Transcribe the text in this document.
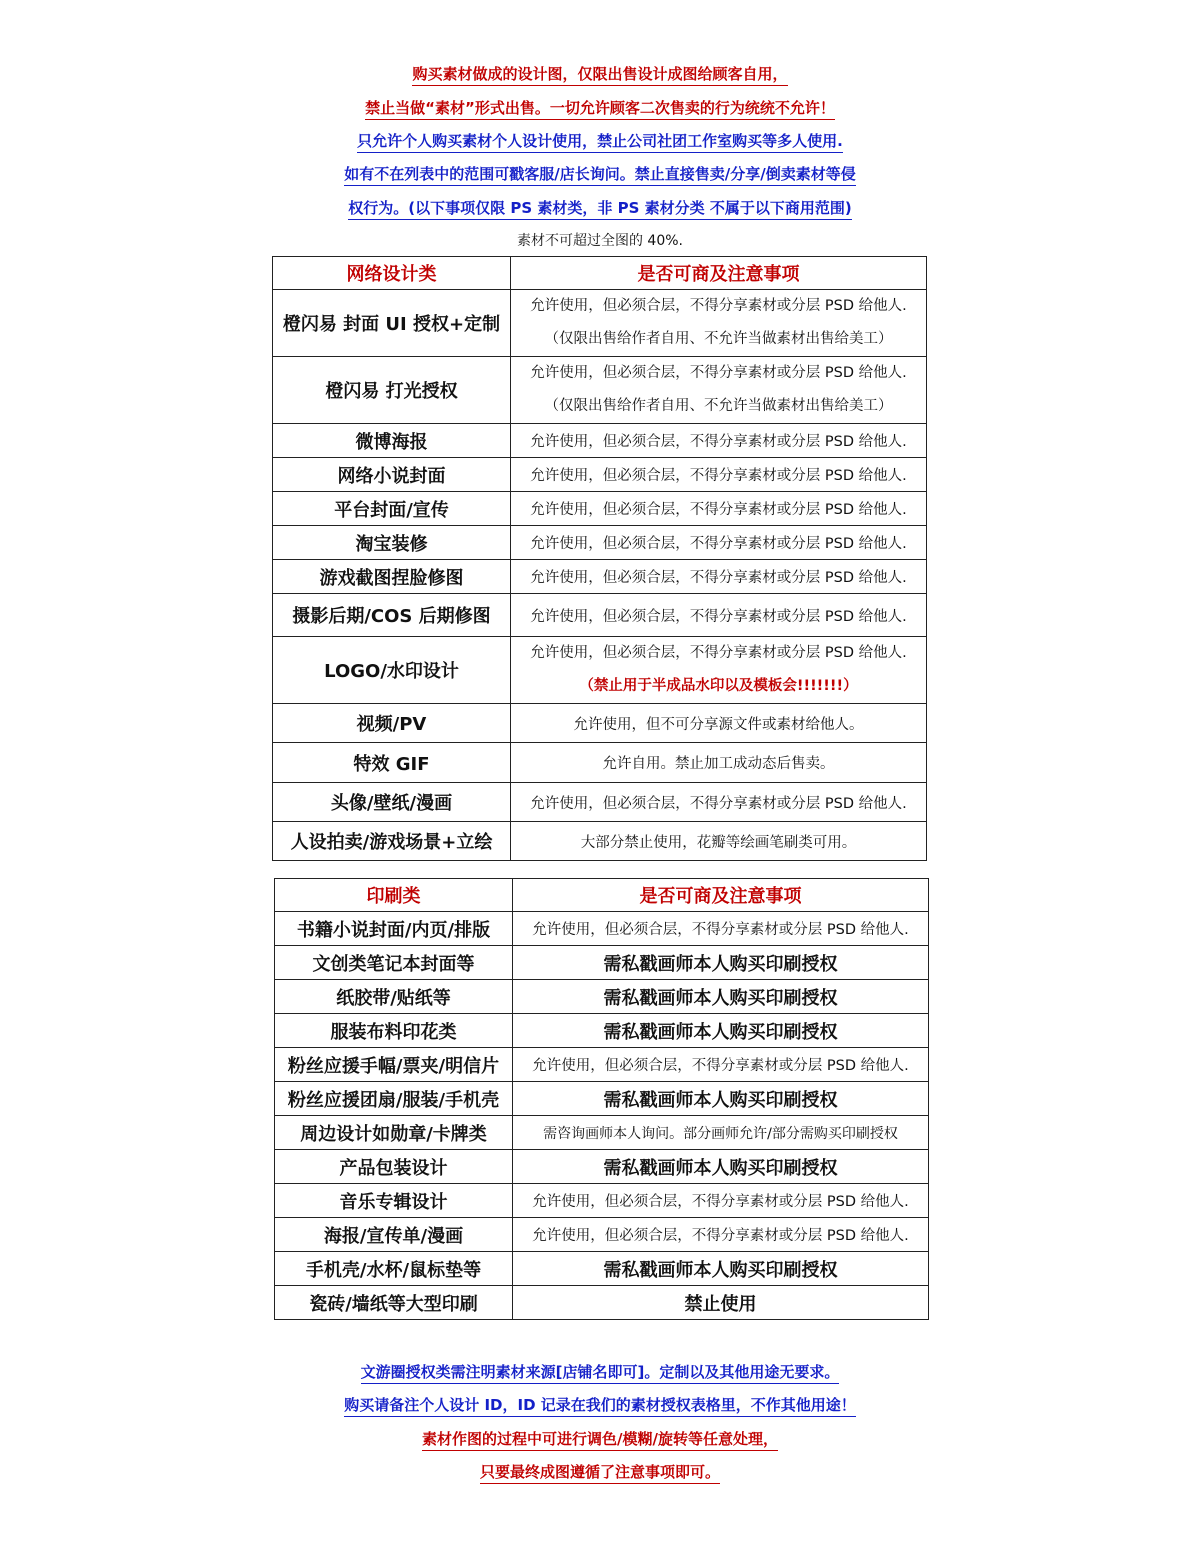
购买素材做成的设计图，仅限出售设计成图给顾客自用，
禁止当做“素材”形式出售。一切允许顾客二次售卖的行为统统不允许！
只允许个人购买素材个人设计使用，禁止公司社团工作室购买等多人使用.
如有不在列表中的范围可戳客服/店长询问。禁止直接售卖/分享/倒卖素材等侵
权行为。(以下事项仅限 PS 素材类，非 PS 素材分类 不属于以下商用范围)
素材不可超过全图的 40%.
网络设计类	是否可商及注意事项
橙闪易 封面 UI 授权+定制	允许使用，但必须合层，不得分享素材或分层 PSD 给他人.
（仅限出售给作者自用、不允许当做素材出售给美工）

橙闪易 打光授权	允许使用，但必须合层，不得分享素材或分层 PSD 给他人.
（仅限出售给作者自用、不允许当做素材出售给美工）

微博海报	允许使用，但必须合层，不得分享素材或分层 PSD 给他人.
网络小说封面	允许使用，但必须合层，不得分享素材或分层 PSD 给他人.
平台封面/宣传	允许使用，但必须合层，不得分享素材或分层 PSD 给他人.
淘宝装修	允许使用，但必须合层，不得分享素材或分层 PSD 给他人.
游戏截图捏脸修图	允许使用，但必须合层，不得分享素材或分层 PSD 给他人.
摄影后期/COS 后期修图	允许使用，但必须合层，不得分享素材或分层 PSD 给他人.
LOGO/水印设计	允许使用，但必须合层，不得分享素材或分层 PSD 给他人.
（禁止用于半成品水印以及模板会!!!!!!!）

视频/PV	允许使用，但不可分享源文件或素材给他人。
特效 GIF	允许自用。禁止加工成动态后售卖。
头像/壁纸/漫画	允许使用，但必须合层，不得分享素材或分层 PSD 给他人.
人设拍卖/游戏场景+立绘	大部分禁止使用，花瓣等绘画笔刷类可用。
印刷类	是否可商及注意事项
书籍小说封面/内页/排版	允许使用，但必须合层，不得分享素材或分层 PSD 给他人.
文创类笔记本封面等	需私戳画师本人购买印刷授权
纸胶带/贴纸等	需私戳画师本人购买印刷授权
服装布料印花类	需私戳画师本人购买印刷授权
粉丝应援手幅/票夹/明信片	允许使用，但必须合层，不得分享素材或分层 PSD 给他人.
粉丝应援团扇/服装/手机壳	需私戳画师本人购买印刷授权
周边设计如勋章/卡牌类	需咨询画师本人询问。部分画师允许/部分需购买印刷授权
产品包装设计	需私戳画师本人购买印刷授权
音乐专辑设计	允许使用，但必须合层，不得分享素材或分层 PSD 给他人.
海报/宣传单/漫画	允许使用，但必须合层，不得分享素材或分层 PSD 给他人.
手机壳/水杯/鼠标垫等	需私戳画师本人购买印刷授权
瓷砖/墙纸等大型印刷	禁止使用
文游圈授权类需注明素材来源[店铺名即可]。定制以及其他用途无要求。
购买请备注个人设计 ID，ID 记录在我们的素材授权表格里，不作其他用途！
素材作图的过程中可进行调色/模糊/旋转等任意处理，
只要最终成图遵循了注意事项即可。
